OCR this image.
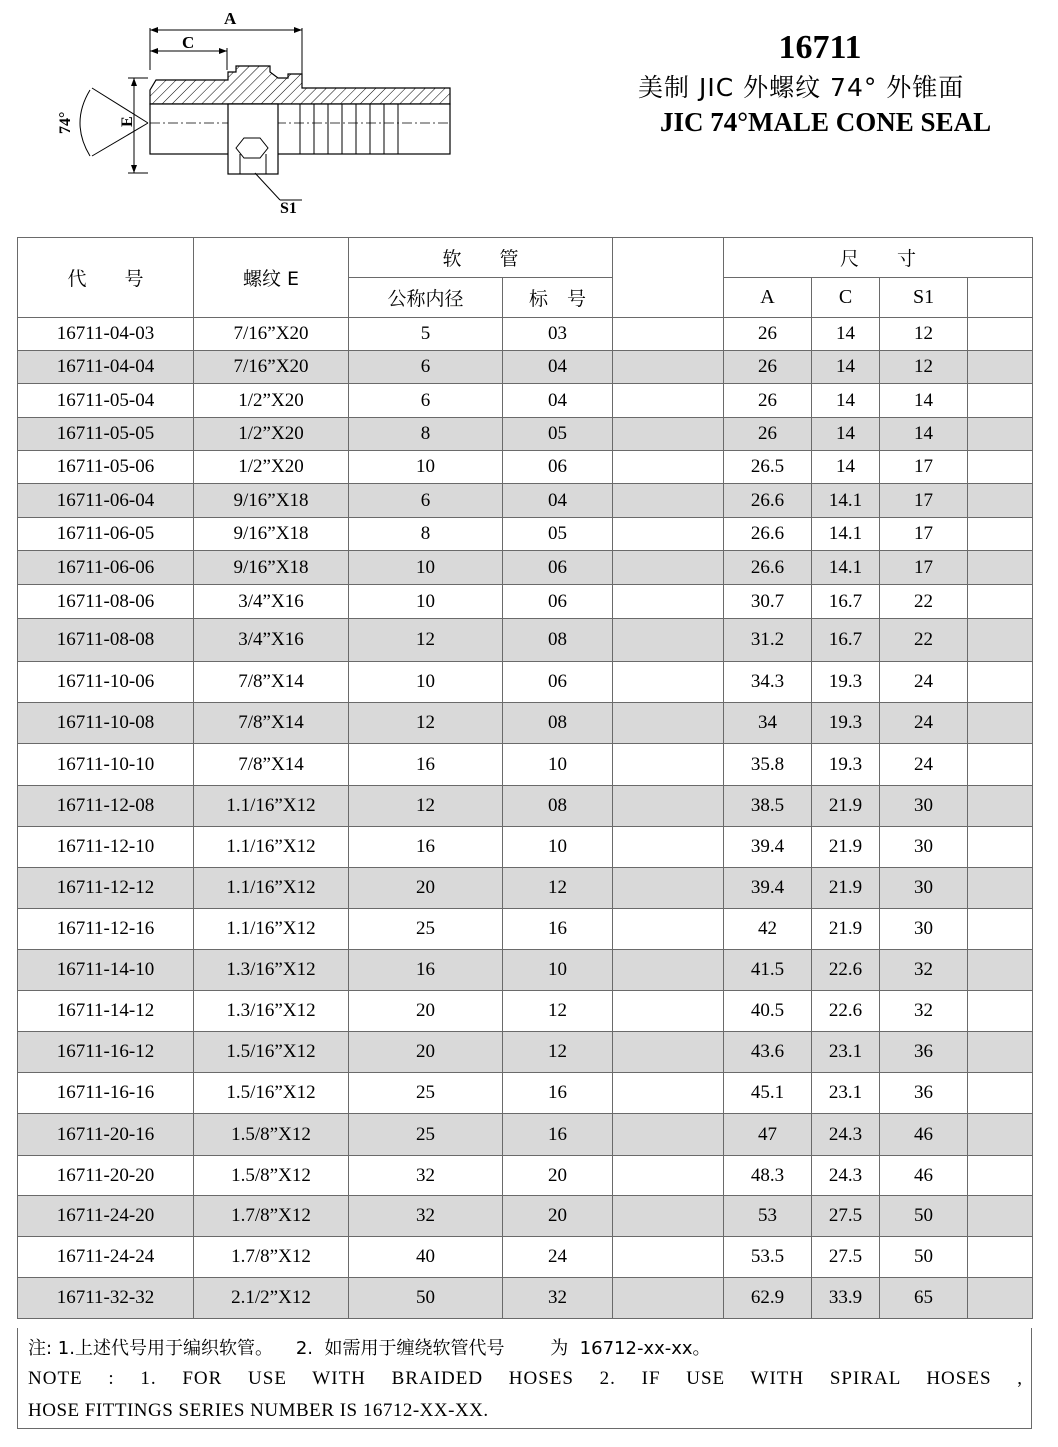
A
C
E
74°
S1
16711
美制 JIC 外螺纹 74° 外锥面
JIC 74°MALE CONE SEAL
代　　号	螺纹 E	软　　管			尺　　寸			
		公称内径	标　号		A	C	S1	
16711-04-03	7/16”X20	5	03		26	14	12	
16711-04-04	7/16”X20	6	04		26	14	12	
16711-05-04	1/2”X20	6	04		26	14	14	
16711-05-05	1/2”X20	8	05		26	14	14	
16711-05-06	1/2”X20	10	06		26.5	14	17	
16711-06-04	9/16”X18	6	04		26.6	14.1	17	
16711-06-05	9/16”X18	8	05		26.6	14.1	17	
16711-06-06	9/16”X18	10	06		26.6	14.1	17	
16711-08-06	3/4”X16	10	06		30.7	16.7	22	
16711-08-08	3/4”X16	12	08		31.2	16.7	22	
16711-10-06	7/8”X14	10	06		34.3	19.3	24	
16711-10-08	7/8”X14	12	08		34	19.3	24	
16711-10-10	7/8”X14	16	10		35.8	19.3	24	
16711-12-08	1.1/16”X12	12	08		38.5	21.9	30	
16711-12-10	1.1/16”X12	16	10		39.4	21.9	30	
16711-12-12	1.1/16”X12	20	12		39.4	21.9	30	
16711-12-16	1.1/16”X12	25	16		42	21.9	30	
16711-14-10	1.3/16”X12	16	10		41.5	22.6	32	
16711-14-12	1.3/16”X12	20	12		40.5	22.6	32	
16711-16-12	1.5/16”X12	20	12		43.6	23.1	36	
16711-16-16	1.5/16”X12	25	16		45.1	23.1	36	
16711-20-16	1.5/8”X12	25	16		47	24.3	46	
16711-20-20	1.5/8”X12	32	20		48.3	24.3	46	
16711-24-20	1.7/8”X12	32	20		53	27.5	50	
16711-24-24	1.7/8”X12	40	24		53.5	27.5	50	
16711-32-32	2.1/2”X12	50	32		62.9	33.9	65	
注: 1.上述代号用于编织软管。    2.  如需用于缠绕软管代号        为  16712-xx-xx。
NOTE : 1. FOR USE WITH BRAIDED HOSES 2. IF USE WITH SPIRAL HOSES ,
HOSE FITTINGS SERIES NUMBER IS 16712-XX-XX.
